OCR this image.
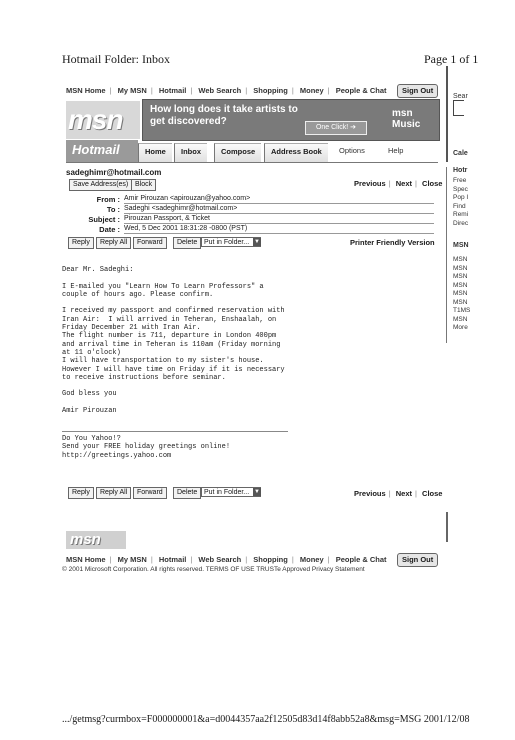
Hotmail Folder: Inbox	Page 1 of 1
MSN Home | My MSN | Hotmail | Web Search | Shopping | Money | People & Chat	Sign Out
msn	How long does it take artists to get discovered?
One Click! ➔
msn
Music
Hotmail	Home	Inbox	Compose	Address Book	Options	Help
sadeghimr@hotmail.com
Save Address(es) Block	Previous | Next | Close
From : Amir Pirouzan <apirouzan@yahoo.com>
To : Sadeghi <sadeghimr@hotmail.com>
Subject : Pirouzan Passport, & Ticket
Date : Wed, 5 Dec 2001 18:31:28 -0800 (PST)
Reply	Reply All	Forward	Delete Put in Folder... ▼	Printer Friendly Version
Dear Mr. Sadeghi:

I E-mailed you "Learn How To Learn Professors" a
couple of hours ago. Please confirm.

I received my passport and confirmed reservation with
Iran Air:  I will arrived in Teheran, Enshaalah, on
Friday December 21 with Iran Air.
The flight number is 711, departure in London 400pm
and arrival time in Teheran is 110am (Friday morning
at 11 o'clock)
I will have transportation to my sister's house.
However I will have time on Friday if it is necessary
to receive instructions before seminar.

God bless you

Amir Pirouzan
Do You Yahoo!?
Send your FREE holiday greetings online!
http://greetings.yahoo.com
Reply	Reply All	Forward	Delete Put in Folder... ▼	Previous | Next | Close
Sear
Cale
Hotr
Free
Spec
Pop I
Find
Remi
Direc
MSN
MSN
MSN
MSN
MSN
MSN
MSN
T1MS
MSN
More
msn
MSN Home | My MSN | Hotmail | Web Search | Shopping | Money | People & Chat	Sign Out
© 2001 Microsoft Corporation. All rights reserved. TERMS OF USE TRUSTe Approved Privacy Statement
.../getmsg?curmbox=F000000001&a=d0044357aa2f12505d83d14f8abb52a8&msg=MSG 2001/12/08
